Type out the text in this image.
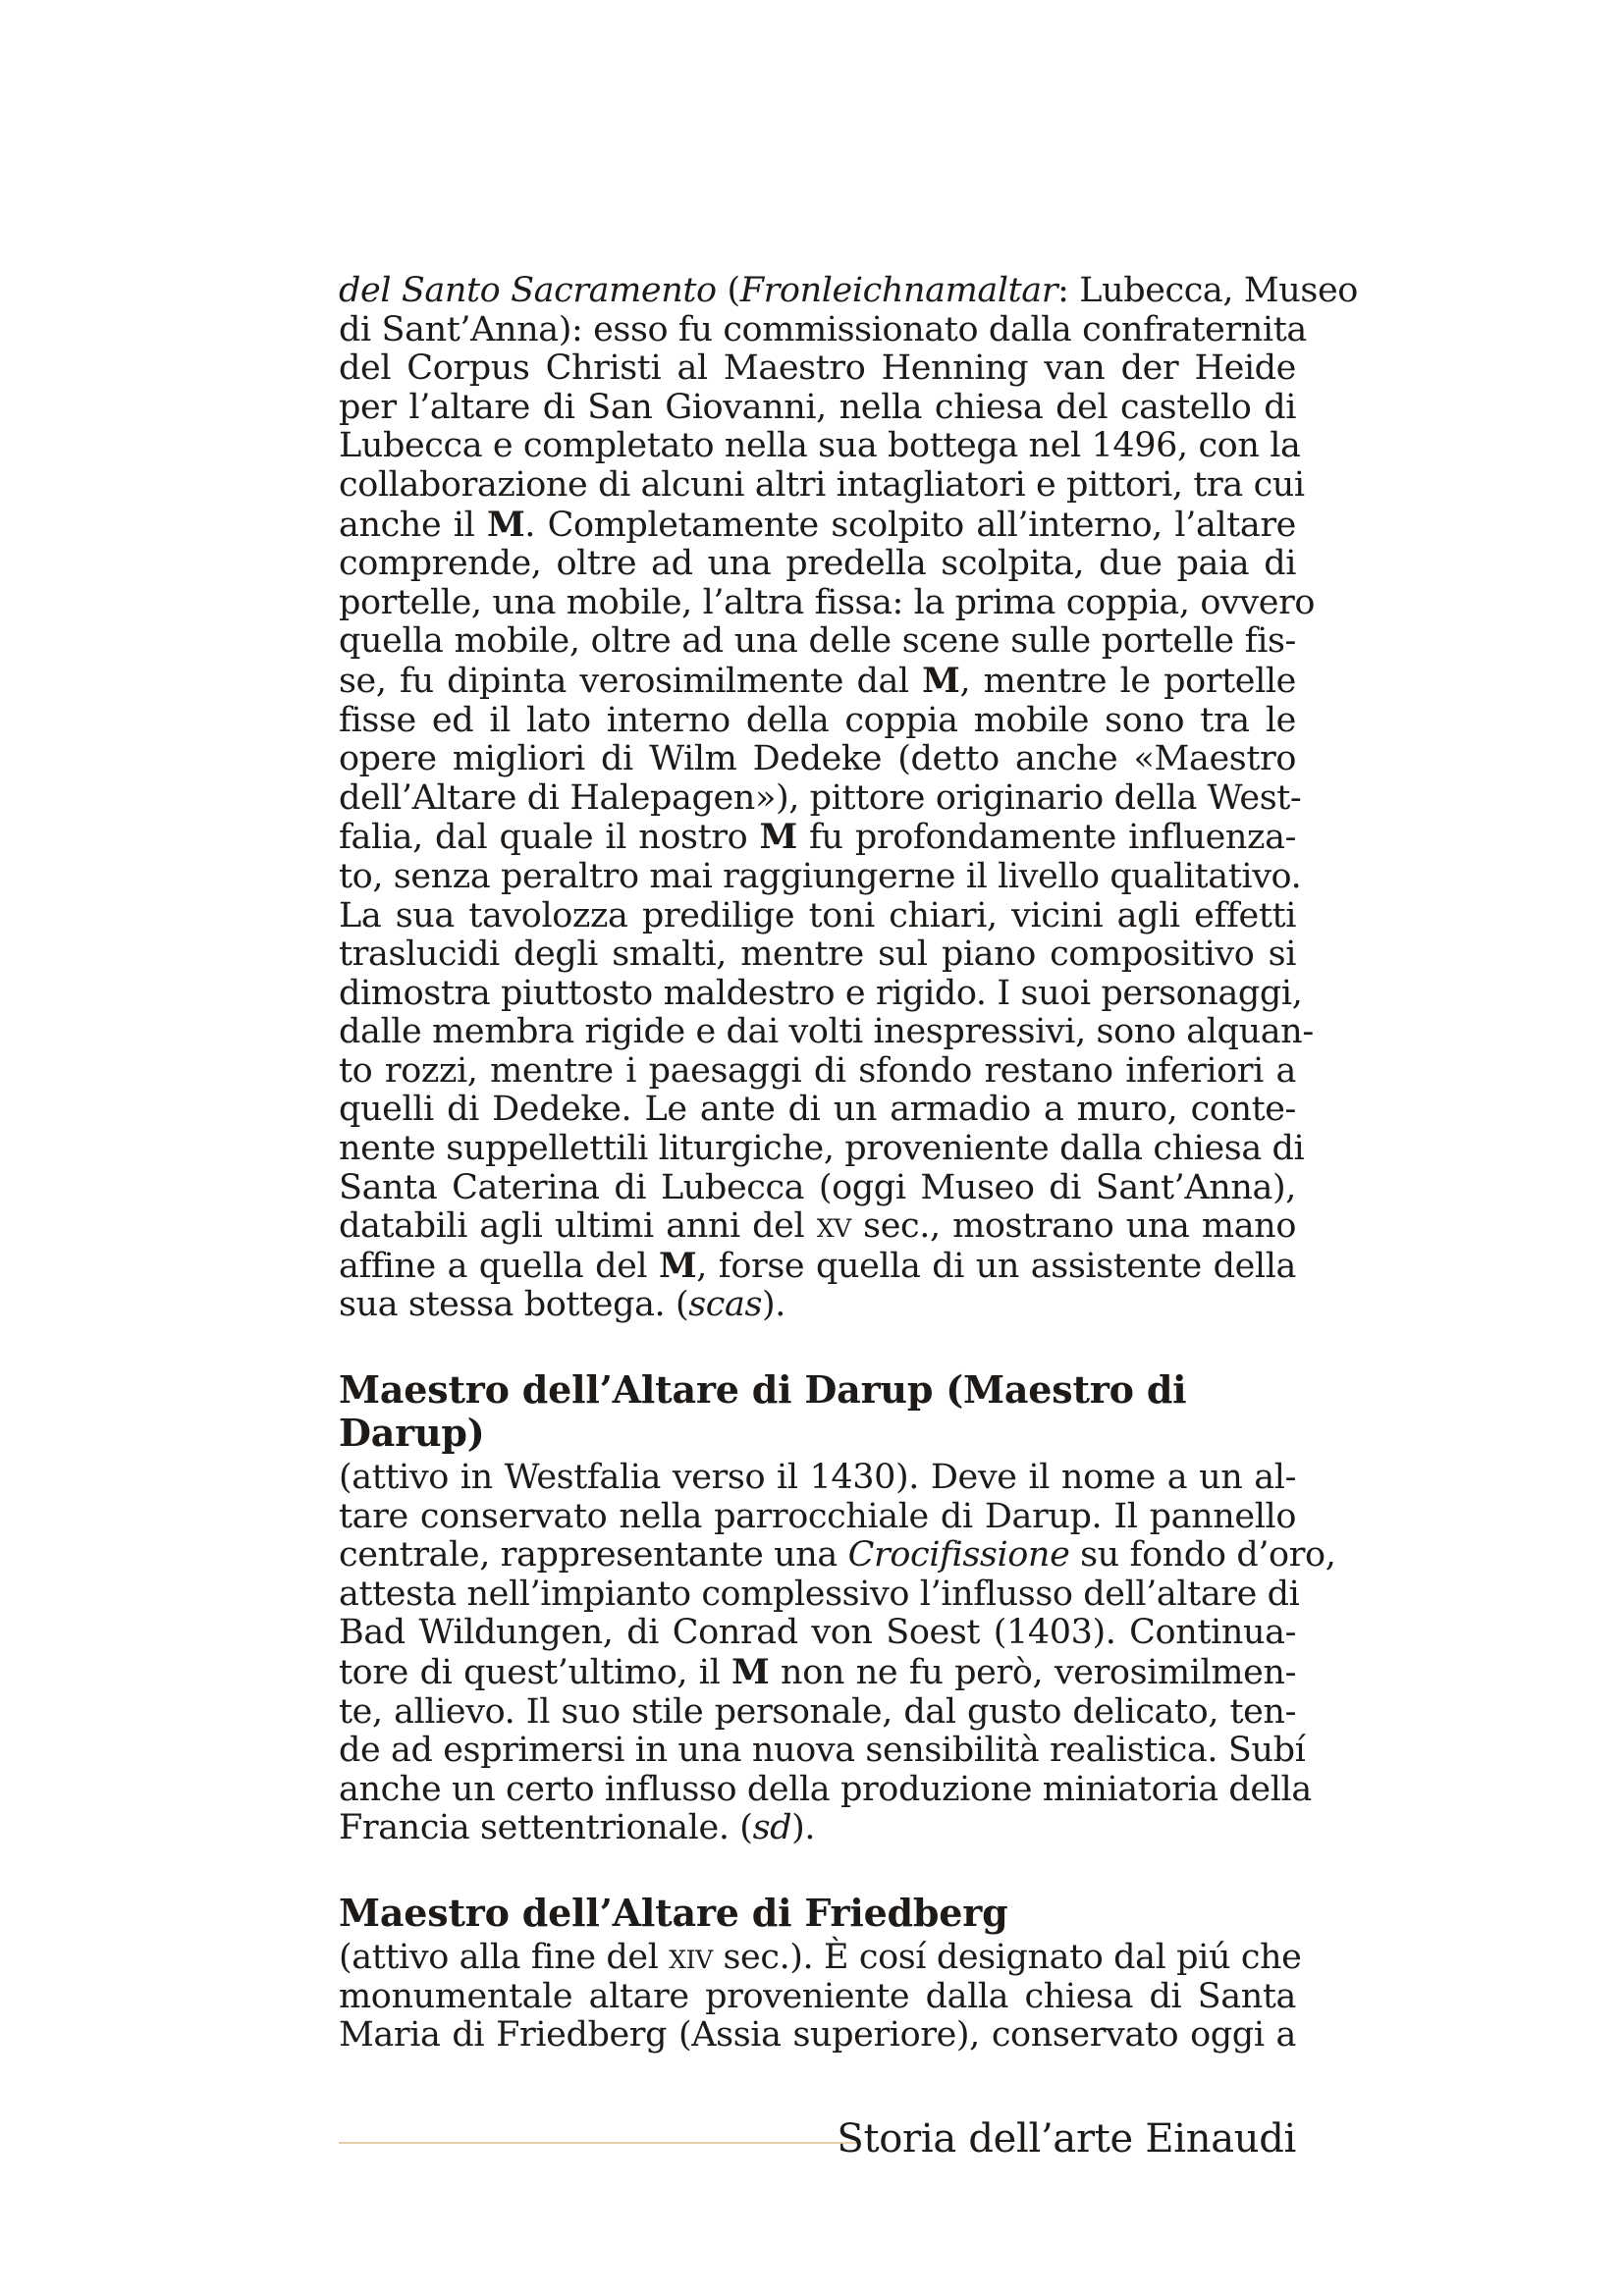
del Santo Sacramento (Fronleichnamaltar: Lubecca, Museo
di Sant’Anna): esso fu commissionato dalla confraternita
del Corpus Christi al Maestro Henning van der Heide
per l’altare di San Giovanni, nella chiesa del castello di
Lubecca e completato nella sua bottega nel 1496, con la
collaborazione di alcuni altri intagliatori e pittori, tra cui
anche il M. Completamente scolpito all’interno, l’altare
comprende, oltre ad una predella scolpita, due paia di
portelle, una mobile, l’altra fissa: la prima coppia, ovvero
quella mobile, oltre ad una delle scene sulle portelle fis-
se, fu dipinta verosimilmente dal M, mentre le portelle
fisse ed il lato interno della coppia mobile sono tra le
opere migliori di Wilm Dedeke (detto anche «Maestro
dell’Altare di Halepagen»), pittore originario della West-
falia, dal quale il nostro M fu profondamente influenza-
to, senza peraltro mai raggiungerne il livello qualitativo.
La sua tavolozza predilige toni chiari, vicini agli effetti
traslucidi degli smalti, mentre sul piano compositivo si
dimostra piuttosto maldestro e rigido. I suoi personaggi,
dalle membra rigide e dai volti inespressivi, sono alquan-
to rozzi, mentre i paesaggi di sfondo restano inferiori a
quelli di Dedeke. Le ante di un armadio a muro, conte-
nente suppellettili liturgiche, proveniente dalla chiesa di
Santa Caterina di Lubecca (oggi Museo di Sant’Anna),
databili agli ultimi anni del xv sec., mostrano una mano
affine a quella del M, forse quella di un assistente della
sua stessa bottega. (scas).
Maestro dell’Altare di Darup (Maestro di Darup)
(attivo in Westfalia verso il 1430). Deve il nome a un al-
tare conservato nella parrocchiale di Darup. Il pannello
centrale, rappresentante una Crocifissione su fondo d’oro,
attesta nell’impianto complessivo l’influsso dell’altare di
Bad Wildungen, di Conrad von Soest (1403). Continua-
tore di quest’ultimo, il M non ne fu però, verosimilmen-
te, allievo. Il suo stile personale, dal gusto delicato, ten-
de ad esprimersi in una nuova sensibilità realistica. Subí
anche un certo influsso della produzione miniatoria della
Francia settentrionale. (sd).
Maestro dell’Altare di Friedberg
(attivo alla fine del xiv sec.). È cosí designato dal piú che
monumentale altare proveniente dalla chiesa di Santa
Maria di Friedberg (Assia superiore), conservato oggi a
Storia dell’arte Einaudi
